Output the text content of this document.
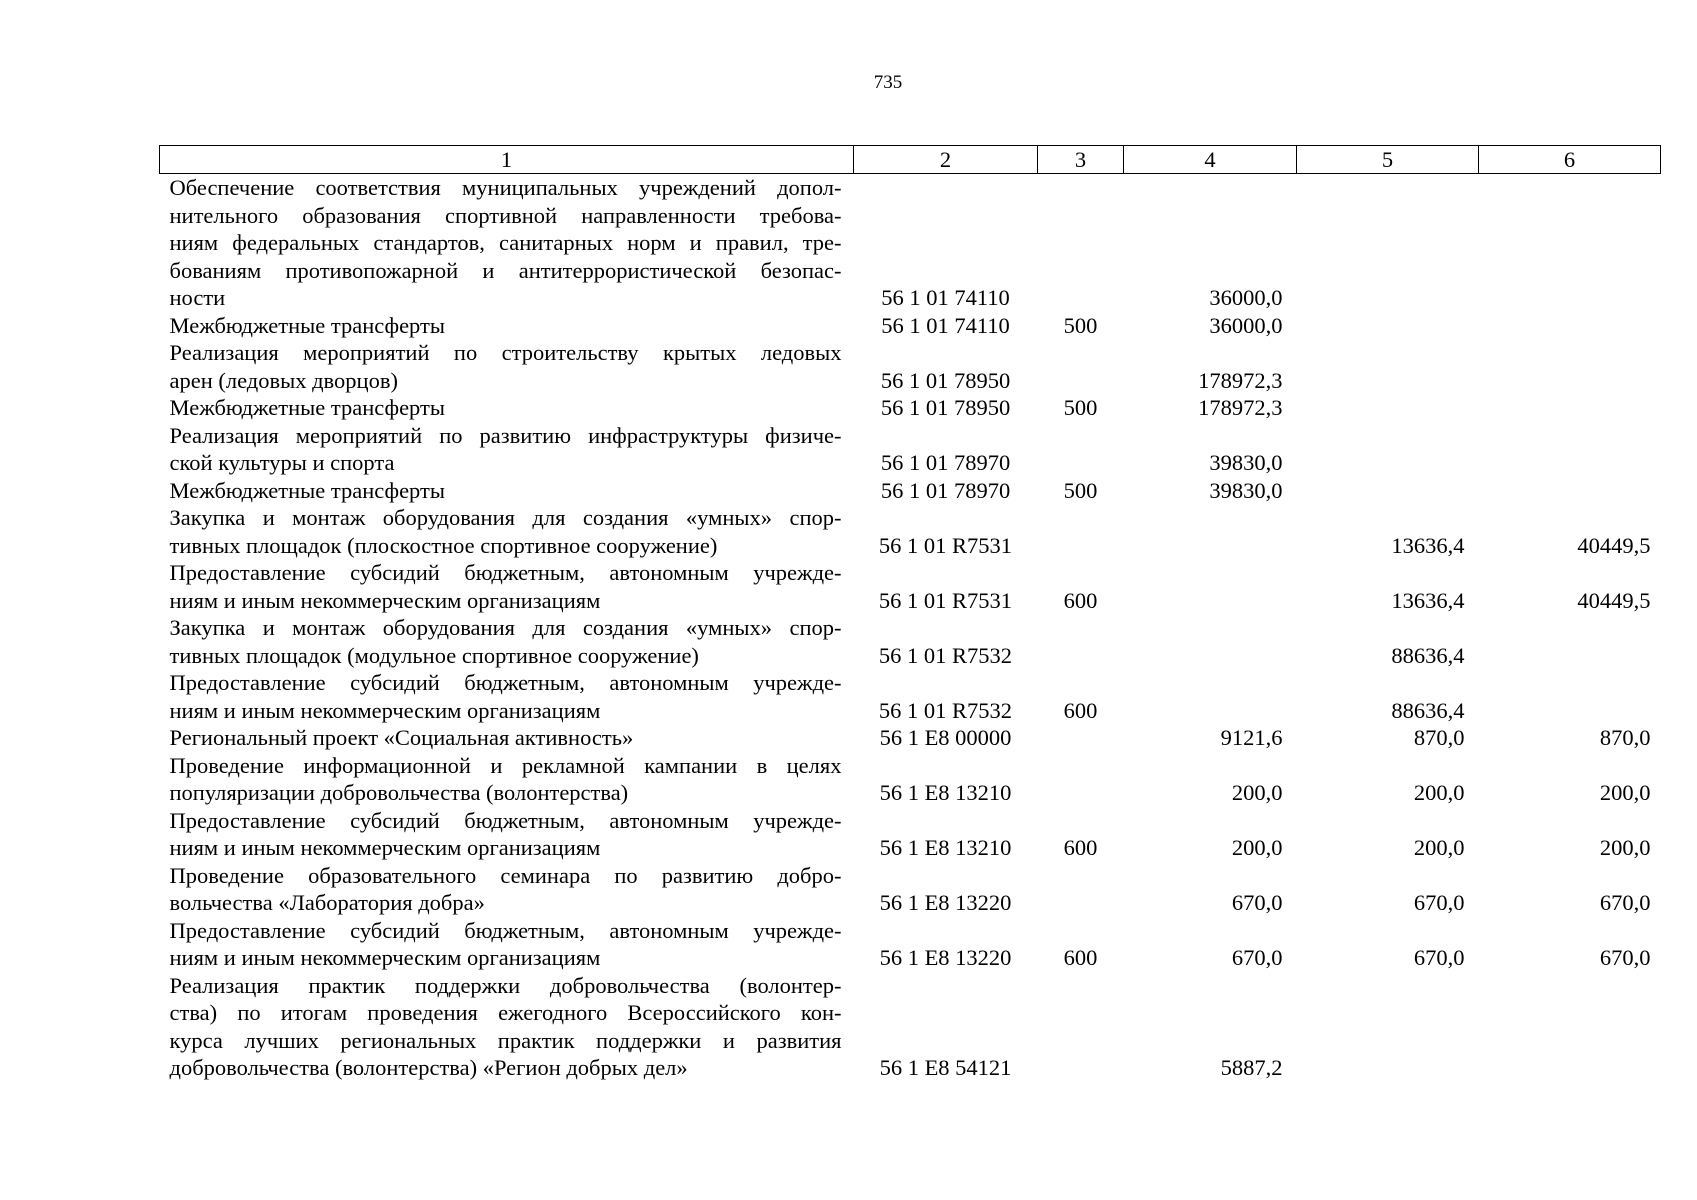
735
1	2	3	4	5	6

Обеспечение соответствия муниципальных учреждений допол-
нительного образования спортивной направленности требова-
ниям федеральных стандартов, санитарных норм и правил, тре-
бованиям противопожарной и антитеррористической безопас-
ности	56 1 01 74110		36000,0		

Межбюджетные трансферты	56 1 01 74110	500	36000,0		

Реализация мероприятий по строительству крытых ледовых
арен (ледовых дворцов)	56 1 01 78950		178972,3		

Межбюджетные трансферты	56 1 01 78950	500	178972,3		

Реализация мероприятий по развитию инфраструктуры физиче-
ской культуры и спорта	56 1 01 78970		39830,0		

Межбюджетные трансферты	56 1 01 78970	500	39830,0		

Закупка и монтаж оборудования для создания «умных» спор-
тивных площадок (плоскостное спортивное сооружение)	56 1 01 R7531			13636,4	40449,5

Предоставление субсидий бюджетным, автономным учрежде-
ниям и иным некоммерческим организациям	56 1 01 R7531	600		13636,4	40449,5

Закупка и монтаж оборудования для создания «умных» спор-
тивных площадок (модульное спортивное сооружение)	56 1 01 R7532			88636,4	

Предоставление субсидий бюджетным, автономным учрежде-
ниям и иным некоммерческим организациям	56 1 01 R7532	600		88636,4	

Региональный проект «Социальная активность»	56 1 E8 00000		9121,6	870,0	870,0

Проведение информационной и рекламной кампании в целях
популяризации добровольчества (волонтерства)	56 1 E8 13210		200,0	200,0	200,0

Предоставление субсидий бюджетным, автономным учрежде-
ниям и иным некоммерческим организациям	56 1 E8 13210	600	200,0	200,0	200,0

Проведение образовательного семинара по развитию добро-
вольчества «Лаборатория добра»	56 1 E8 13220		670,0	670,0	670,0

Предоставление субсидий бюджетным, автономным учрежде-
ниям и иным некоммерческим организациям	56 1 E8 13220	600	670,0	670,0	670,0

Реализация практик поддержки добровольчества (волонтер-
ства) по итогам проведения ежегодного Всероссийского кон-
курса лучших региональных практик поддержки и развития
добровольчества (волонтерства) «Регион добрых дел»	56 1 E8 54121		5887,2		
